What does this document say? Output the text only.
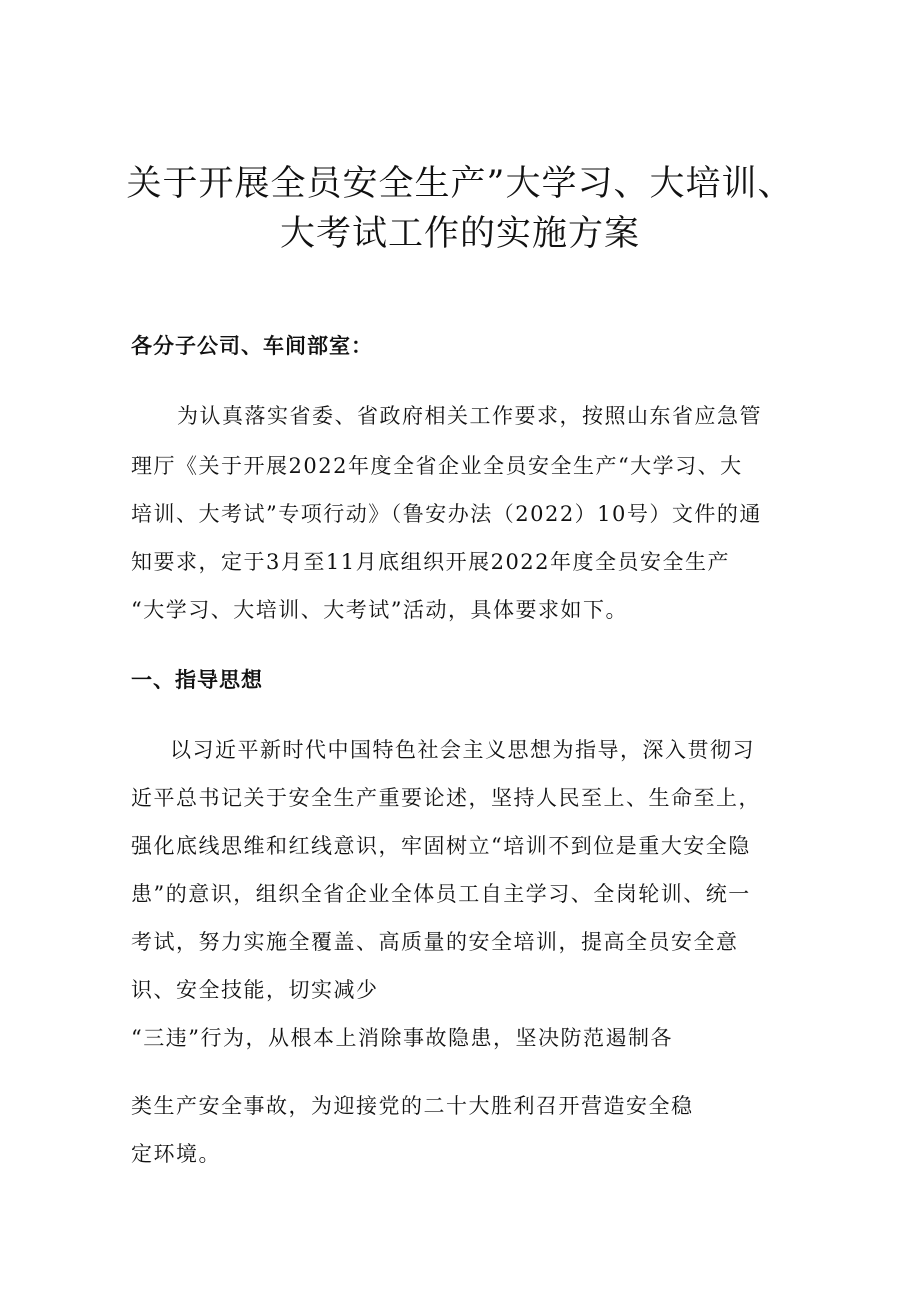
关于开展全员安全生产”大学习、大培训、
大考试工作的实施方案
各分子公司、车间部室：
为认真落实省委、省政府相关工作要求，按照山东省应急管
理厅《关于开展2022年度全省企业全员安全生产“大学习、大
培训、大考试”专项行动》（鲁安办法（2022）10号）文件的通
知要求，定于3月至11月底组织开展2022年度全员安全生产
“大学习、大培训、大考试”活动，具体要求如下。
一、指导思想
以习近平新时代中国特色社会主义思想为指导，深入贯彻习
近平总书记关于安全生产重要论述，坚持人民至上、生命至上，
强化底线思维和红线意识，牢固树立“培训不到位是重大安全隐
患”的意识，组织全省企业全体员工自主学习、全岗轮训、统一
考试，努力实施全覆盖、高质量的安全培训，提高全员安全意
识、安全技能，切实减少
“三违”行为，从根本上消除事故隐患，坚决防范遏制各
类生产安全事故，为迎接党的二十大胜利召开营造安全稳
定环境。
